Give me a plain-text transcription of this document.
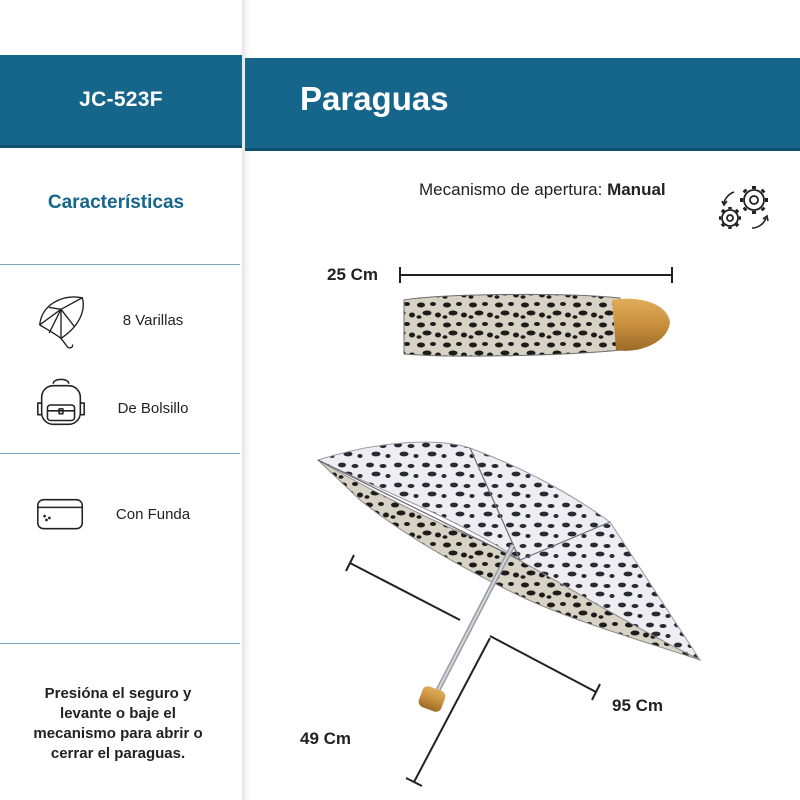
JC-523F	Paraguas
Características
8 Varillas
De Bolsillo
Con Funda
Presióna el seguro y levante o baje el mecanismo para abrir o cerrar el paraguas.
Mecanismo de apertura: Manual
25 Cm
95 Cm
49 Cm
